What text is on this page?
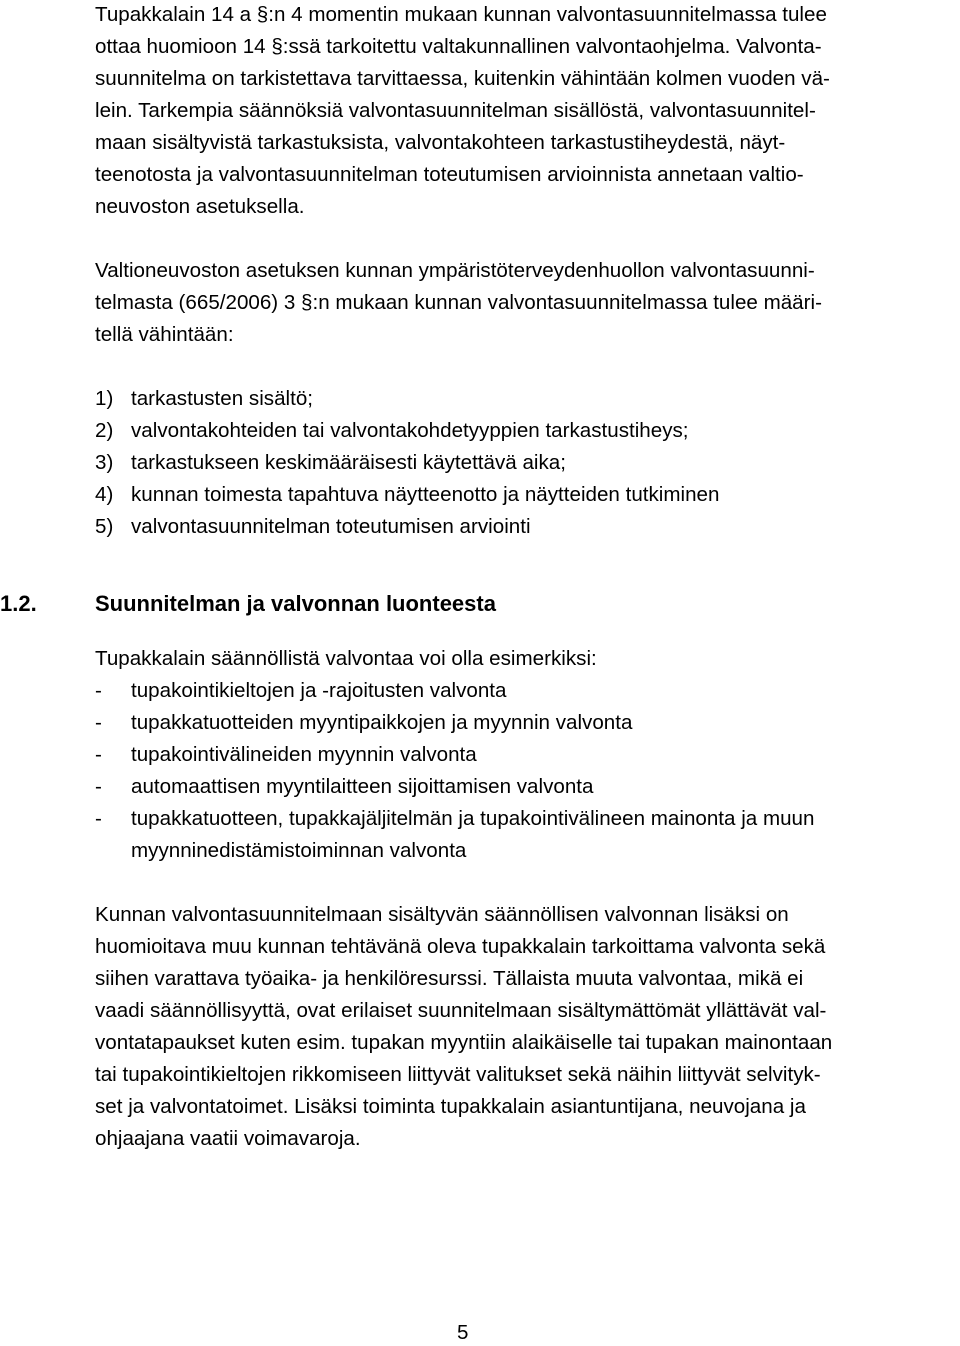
Tupakkalain 14 a §:n 4 momentin mukaan kunnan valvontasuunnitelmassa tulee
ottaa huomioon 14 §:ssä tarkoitettu valtakunnallinen valvontaohjelma. Valvonta-
suunnitelma on tarkistettava tarvittaessa, kuitenkin vähintään kolmen vuoden vä-
lein. Tarkempia säännöksiä valvontasuunnitelman sisällöstä, valvontasuunnitel-
maan sisältyvistä tarkastuksista, valvontakohteen tarkastustiheydestä, näyt-
teenotosta ja valvontasuunnitelman toteutumisen arvioinnista annetaan valtio-
neuvoston asetuksella.
Valtioneuvoston asetuksen kunnan ympäristöterveydenhuollon valvontasuunni-
telmasta (665/2006) 3 §:n mukaan kunnan valvontasuunnitelmassa tulee määri-
tellä vähintään:
1) tarkastusten sisältö;
2) valvontakohteiden tai valvontakohdetyyppien tarkastustiheys;
3) tarkastukseen keskimääräisesti käytettävä aika;
4) kunnan toimesta tapahtuva näytteenotto ja näytteiden tutkiminen
5) valvontasuunnitelman toteutumisen arviointi
1.2.	Suunnitelman ja valvonnan luonteesta
Tupakkalain säännöllistä valvontaa voi olla esimerkiksi:
- tupakointikieltojen ja -rajoitusten valvonta
- tupakkatuotteiden myyntipaikkojen ja myynnin valvonta
- tupakointivälineiden myynnin valvonta
- automaattisen myyntilaitteen sijoittamisen valvonta
- tupakkatuotteen, tupakkajäljitelmän ja tupakointivälineen mainonta ja muun
myynninedistämistoiminnan valvonta
Kunnan valvontasuunnitelmaan sisältyvän säännöllisen valvonnan lisäksi on
huomioitava muu kunnan tehtävänä oleva tupakkalain tarkoittama valvonta sekä
siihen varattava työaika- ja henkilöresurssi. Tällaista muuta valvontaa, mikä ei
vaadi säännöllisyyttä, ovat erilaiset suunnitelmaan sisältymättömät yllättävät val-
vontatapaukset kuten esim. tupakan myyntiin alaikäiselle tai tupakan mainontaan
tai tupakointikieltojen rikkomiseen liittyvät valitukset sekä näihin liittyvät selvityk-
set ja valvontatoimet. Lisäksi toiminta tupakkalain asiantuntijana, neuvojana ja
ohjaajana vaatii voimavaroja.
5
